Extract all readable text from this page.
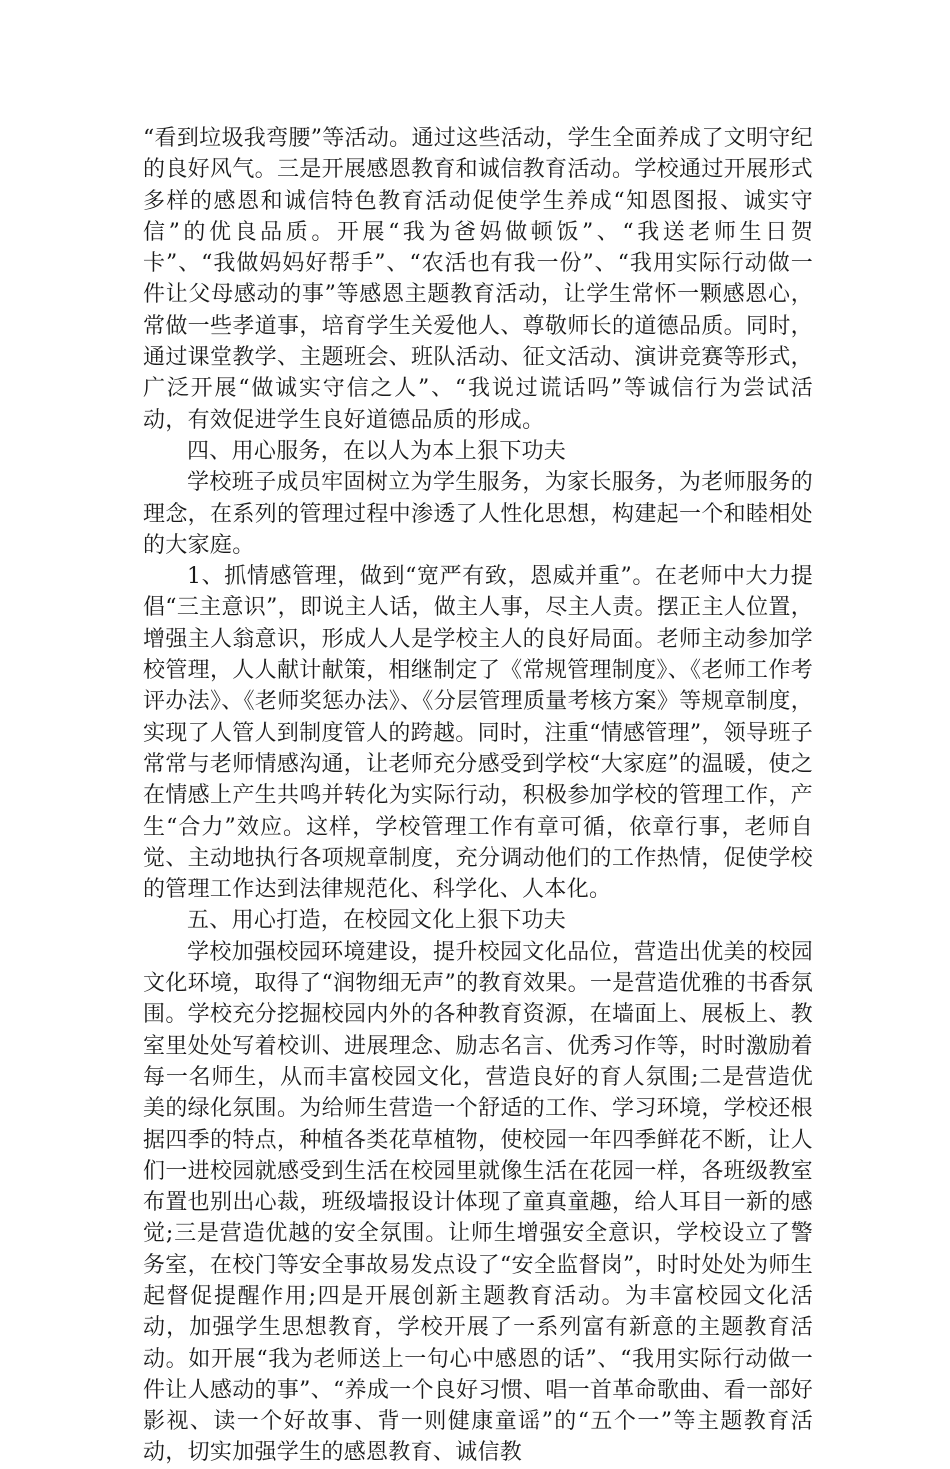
“看到垃圾我弯腰”等活动。通过这些活动，学生全面养成了文明守纪的良好风气。三是开展感恩教育和诚信教育活动。学校通过开展形式多样的感恩和诚信特色教育活动促使学生养成“知恩图报、诚实守信”的优良品质。开展“我为爸妈做顿饭”、“我送老师生日贺卡”、“我做妈妈好帮手”、“农活也有我一份”、“我用实际行动做一件让父母感动的事”等感恩主题教育活动，让学生常怀一颗感恩心，常做一些孝道事，培育学生关爱他人、尊敬师长的道德品质。同时，通过课堂教学、主题班会、班队活动、征文活动、演讲竞赛等形式，广泛开展“做诚实守信之人”、“我说过谎话吗”等诚信行为尝试活动，有效促进学生良好道德品质的形成。

四、用心服务，在以人为本上狠下功夫

学校班子成员牢固树立为学生服务，为家长服务，为老师服务的理念，在系列的管理过程中渗透了人性化思想，构建起一个和睦相处的大家庭。

1、抓情感管理，做到“宽严有致，恩威并重”。在老师中大力提倡“三主意识”，即说主人话，做主人事，尽主人责。摆正主人位置，增强主人翁意识，形成人人是学校主人的良好局面。老师主动参加学校管理，人人献计献策，相继制定了《常规管理制度》、《老师工作考评办法》、《老师奖惩办法》、《分层管理质量考核方案》等规章制度，实现了人管人到制度管人的跨越。同时，注重“情感管理”，领导班子常常与老师情感沟通，让老师充分感受到学校“大家庭”的温暖，使之在情感上产生共鸣并转化为实际行动，积极参加学校的管理工作，产生“合力”效应。这样，学校管理工作有章可循，依章行事，老师自觉、主动地执行各项规章制度，充分调动他们的工作热情，促使学校的管理工作达到法律规范化、科学化、人本化。

五、用心打造，在校园文化上狠下功夫

学校加强校园环境建设，提升校园文化品位，营造出优美的校园文化环境，取得了“润物细无声”的教育效果。一是营造优雅的书香氛围。学校充分挖掘校园内外的各种教育资源，在墙面上、展板上、教室里处处写着校训、进展理念、励志名言、优秀习作等，时时激励着每一名师生，从而丰富校园文化，营造良好的育人氛围;二是营造优美的绿化氛围。为给师生营造一个舒适的工作、学习环境，学校还根据四季的特点，种植各类花草植物，使校园一年四季鲜花不断，让人们一进校园就感受到生活在校园里就像生活在花园一样，各班级教室布置也别出心裁，班级墙报设计体现了童真童趣，给人耳目一新的感觉;三是营造优越的安全氛围。让师生增强安全意识，学校设立了警务室，在校门等安全事故易发点设了“安全监督岗”，时时处处为师生起督促提醒作用;四是开展创新主题教育活动。为丰富校园文化活动，加强学生思想教育，学校开展了一系列富有新意的主题教育活动。如开展“我为老师送上一句心中感恩的话”、“我用实际行动做一件让人感动的事”、“养成一个良好习惯、唱一首革命歌曲、看一部好影视、读一个好故事、背一则健康童谣”的“五个一”等主题教育活动，切实加强学生的感恩教育、诚信教
